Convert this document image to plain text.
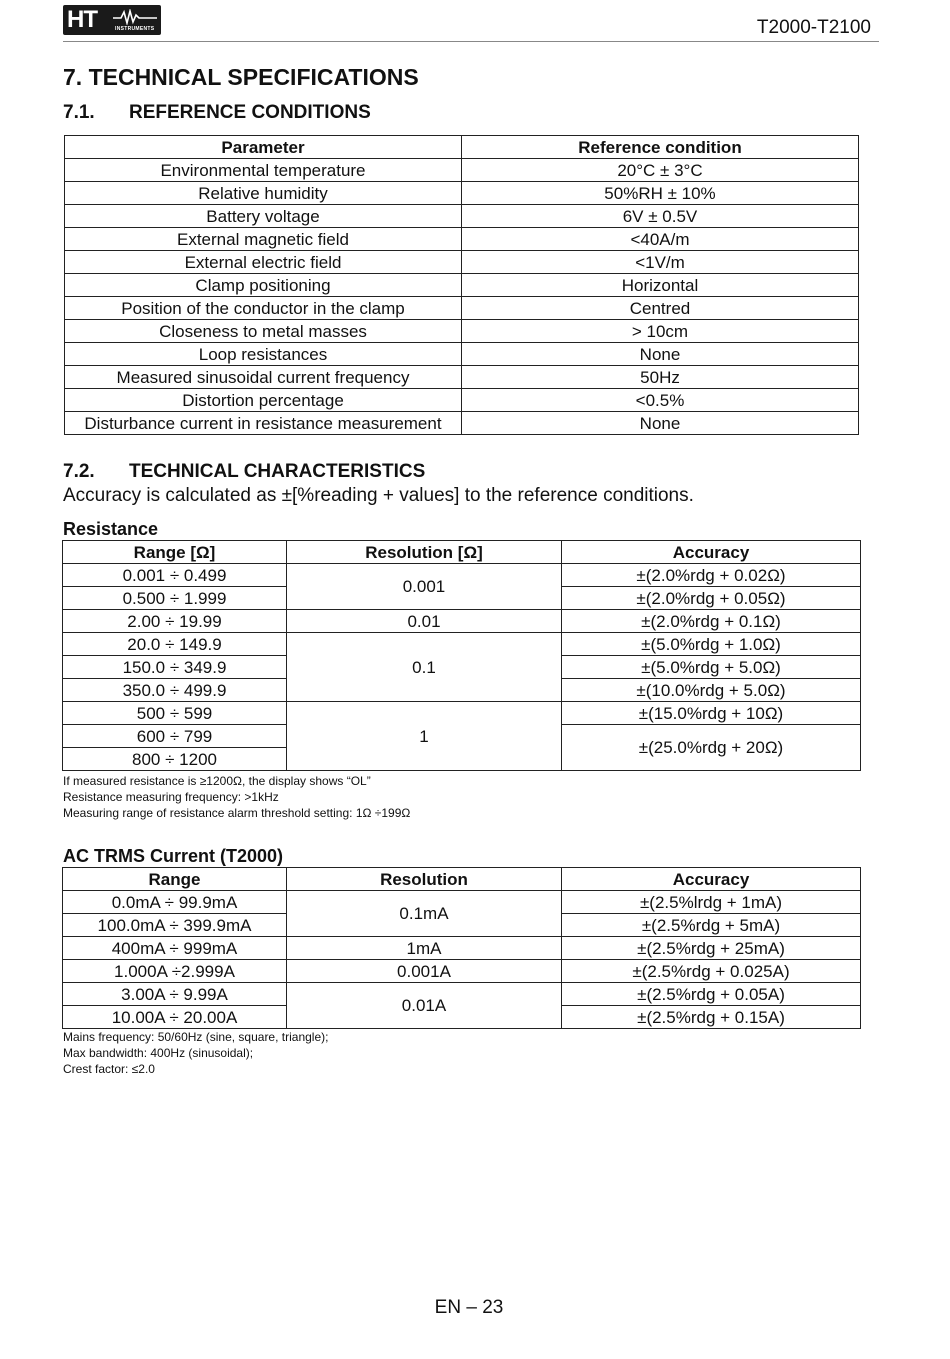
HT	INSTRUMENTS	T2000-T2100
7. TECHNICAL SPECIFICATIONS
7.1. REFERENCE CONDITIONS
Parameter	Reference condition
Environmental temperature	20°C ± 3°C
Relative humidity	50%RH ± 10%
Battery voltage	6V ± 0.5V
External magnetic field	<40A/m
External electric field	<1V/m
Clamp positioning	Horizontal
Position of the conductor in the clamp	Centred
Closeness to metal masses	> 10cm
Loop resistances	None
Measured sinusoidal current frequency	50Hz
Distortion percentage	<0.5%
Disturbance current in resistance measurement	None
7.2. TECHNICAL CHARACTERISTICS

Accuracy is calculated as ±[%reading + values] to the reference conditions.

Resistance
Range [Ω]	Resolution [Ω]	Accuracy
0.001 ÷ 0.499	0.001	±(2.0%rdg + 0.02Ω)
0.500 ÷ 1.999		±(2.0%rdg + 0.05Ω)
2.00 ÷ 19.99	0.01	±(2.0%rdg + 0.1Ω)
20.0 ÷ 149.9	0.1	±(5.0%rdg + 1.0Ω)
150.0 ÷ 349.9		±(5.0%rdg + 5.0Ω)
350.0 ÷ 499.9		±(10.0%rdg + 5.0Ω)
500 ÷ 599	1	±(15.0%rdg + 10Ω)
600 ÷ 799		±(25.0%rdg + 20Ω)
800 ÷ 1200		
If measured resistance is ≥1200Ω, the display shows “OL”
Resistance measuring frequency: >1kHz
Measuring range of resistance alarm threshold setting: 1Ω ÷199Ω
AC TRMS Current (T2000)
Range	Resolution	Accuracy
0.0mA ÷ 99.9mA	0.1mA	±(2.5%lrdg + 1mA)
100.0mA ÷ 399.9mA		±(2.5%rdg + 5mA)
400mA ÷ 999mA	1mA	±(2.5%rdg + 25mA)
1.000A ÷2.999A	0.001A	±(2.5%rdg + 0.025A)
3.00A ÷ 9.99A	0.01A	±(2.5%rdg + 0.05A)
10.00A ÷ 20.00A		±(2.5%rdg + 0.15A)
Mains frequency: 50/60Hz (sine, square, triangle);
Max bandwidth: 400Hz (sinusoidal);
Crest factor: ≤2.0
EN – 23
